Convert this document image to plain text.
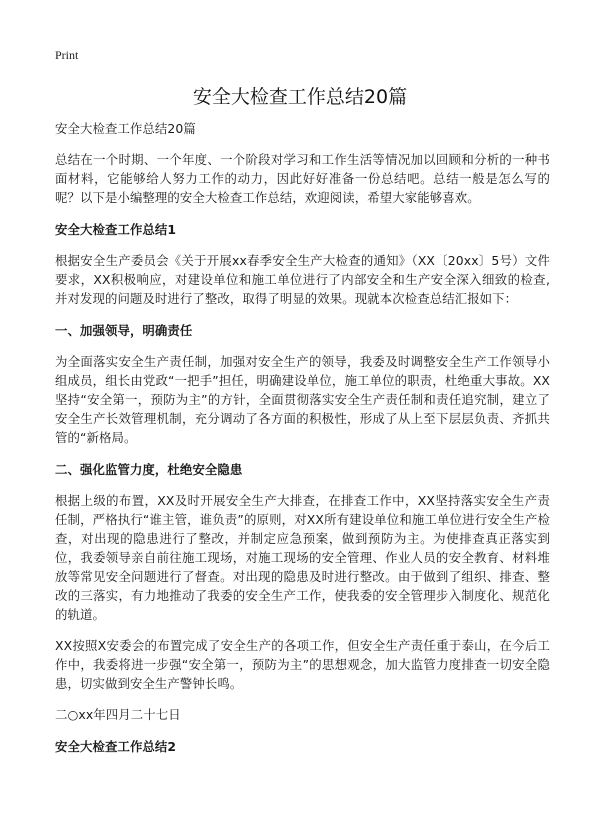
Print
安全大检查工作总结20篇

安全大检查工作总结20篇

总结在一个时期、一个年度、一个阶段对学习和工作生活等情况加以回顾和分析的一种书面材料，它能够给人努力工作的动力，因此好好准备一份总结吧。总结一般是怎么写的呢？以下是小编整理的安全大检查工作总结，欢迎阅读，希望大家能够喜欢。

安全大检查工作总结1

根据安全生产委员会《关于开展xx春季安全生产大检查的通知》（XX〔20xx〕5号）文件要求，XX积极响应，对建设单位和施工单位进行了内部安全和生产安全深入细致的检查,并对发现的问题及时进行了整改，取得了明显的效果。现就本次检查总结汇报如下：

一、加强领导，明确责任

为全面落实安全生产责任制，加强对安全生产的领导，我委及时调整安全生产工作领导小组成员，组长由党政“一把手”担任，明确建设单位，施工单位的职责，杜绝重大事故。XX坚持“安全第一，预防为主”的方针，全面贯彻落实安全生产责任制和责任追究制，建立了安全生产长效管理机制，充分调动了各方面的积极性，形成了从上至下层层负责、齐抓共管的“新格局。

二、强化监管力度，杜绝安全隐患

根据上级的布置，XX及时开展安全生产大排查，在排查工作中，XX坚持落实安全生产责任制，严格执行“谁主管，谁负责”的原则，对XX所有建设单位和施工单位进行安全生产检查，对出现的隐患进行了整改，并制定应急预案，做到预防为主。为使排查真正落实到位，我委领导亲自前往施工现场，对施工现场的安全管理、作业人员的安全教育、材料堆放等常见安全问题进行了督查。对出现的隐患及时进行整改。由于做到了组织、排查、整改的三落实，有力地推动了我委的安全生产工作，使我委的安全管理步入制度化、规范化的轨道。

XX按照X安委会的布置完成了安全生产的各项工作，但安全生产责任重于泰山，在今后工作中，我委将进一步强“安全第一，预防为主”的思想观念，加大监管力度排查一切安全隐患，切实做到安全生产警钟长鸣。

二○xx年四月二十七日

安全大检查工作总结2
